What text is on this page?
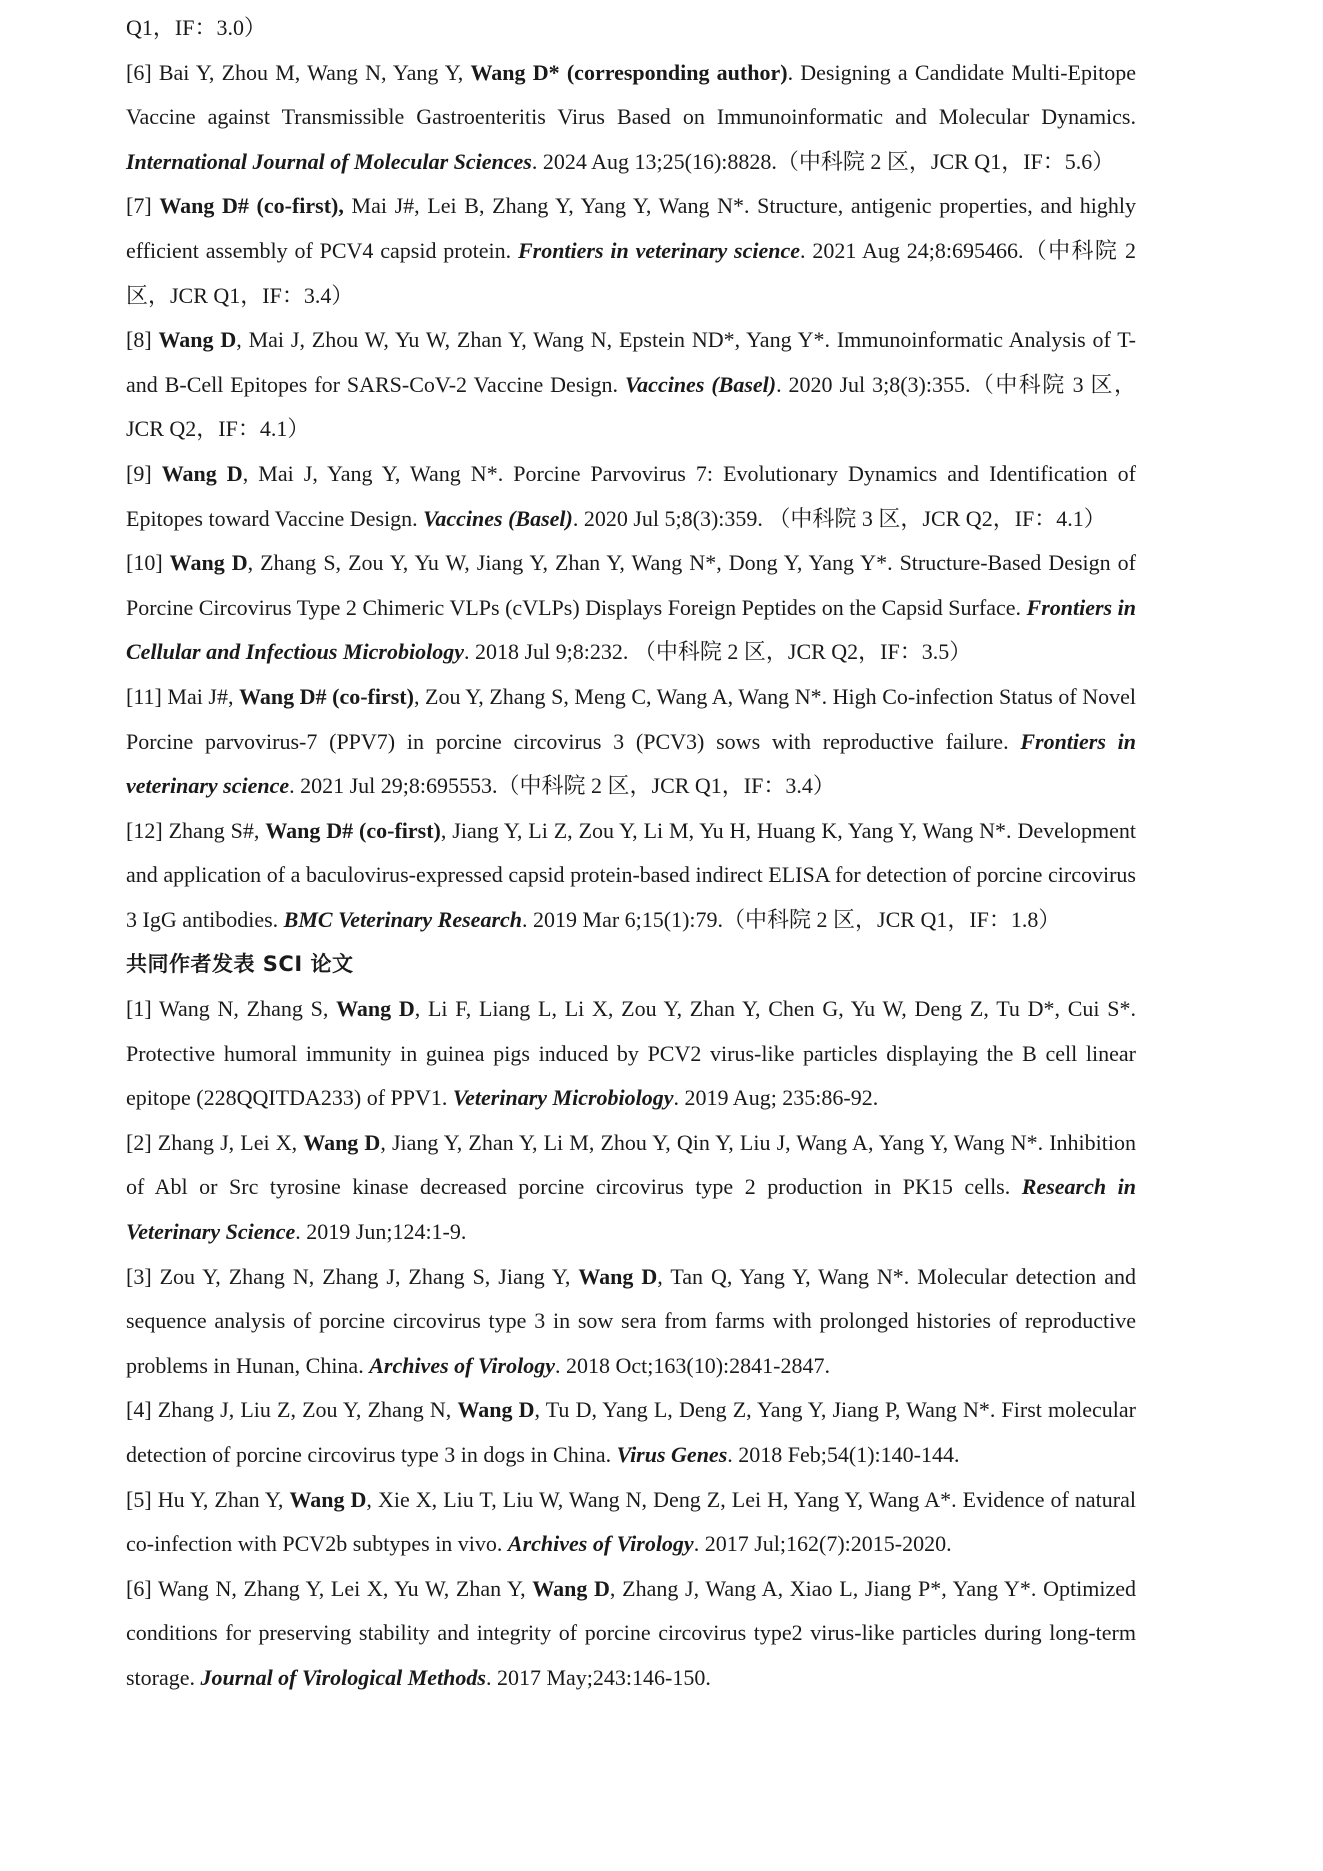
Q1，IF：3.0）

[6] Bai Y, Zhou M, Wang N, Yang Y, Wang D* (corresponding author). Designing a Candidate Multi-Epitope Vaccine against Transmissible Gastroenteritis Virus Based on Immunoinformatic and Molecular Dynamics. International Journal of Molecular Sciences. 2024 Aug 13;25(16):8828.（中科院 2 区，JCR Q1，IF：5.6）

[7] Wang D# (co-first), Mai J#, Lei B, Zhang Y, Yang Y, Wang N*. Structure, antigenic properties, and highly efficient assembly of PCV4 capsid protein. Frontiers in veterinary science. 2021 Aug 24;8:695466.（中科院 2 区，JCR Q1，IF：3.4）

[8] Wang D, Mai J, Zhou W, Yu W, Zhan Y, Wang N, Epstein ND*, Yang Y*. Immunoinformatic Analysis of T- and B-Cell Epitopes for SARS-CoV-2 Vaccine Design. Vaccines (Basel). 2020 Jul 3;8(3):355.（中科院 3 区，JCR Q2，IF：4.1）

[9] Wang D, Mai J, Yang Y, Wang N*. Porcine Parvovirus 7: Evolutionary Dynamics and Identification of Epitopes toward Vaccine Design. Vaccines (Basel). 2020 Jul 5;8(3):359. （中科院 3 区，JCR Q2，IF：4.1）

[10] Wang D, Zhang S, Zou Y, Yu W, Jiang Y, Zhan Y, Wang N*, Dong Y, Yang Y*. Structure-Based Design of Porcine Circovirus Type 2 Chimeric VLPs (cVLPs) Displays Foreign Peptides on the Capsid Surface. Frontiers in Cellular and Infectious Microbiology. 2018 Jul 9;8:232. （中科院 2 区，JCR Q2，IF：3.5）

[11] Mai J#, Wang D# (co-first), Zou Y, Zhang S, Meng C, Wang A, Wang N*. High Co-infection Status of Novel Porcine parvovirus-7 (PPV7) in porcine circovirus 3 (PCV3) sows with reproductive failure. Frontiers in veterinary science. 2021 Jul 29;8:695553.（中科院 2 区，JCR Q1，IF：3.4）

[12] Zhang S#, Wang D# (co-first), Jiang Y, Li Z, Zou Y, Li M, Yu H, Huang K, Yang Y, Wang N*. Development and application of a baculovirus-expressed capsid protein-based indirect ELISA for detection of porcine circovirus 3 IgG antibodies. BMC Veterinary Research. 2019 Mar 6;15(1):79.（中科院 2 区，JCR Q1，IF：1.8）

共同作者发表 SCI 论文

[1] Wang N, Zhang S, Wang D, Li F, Liang L, Li X, Zou Y, Zhan Y, Chen G, Yu W, Deng Z, Tu D*, Cui S*. Protective humoral immunity in guinea pigs induced by PCV2 virus-like particles displaying the B cell linear epitope (228QQITDA233) of PPV1. Veterinary Microbiology. 2019 Aug; 235:86-92.

[2] Zhang J, Lei X, Wang D, Jiang Y, Zhan Y, Li M, Zhou Y, Qin Y, Liu J, Wang A, Yang Y, Wang N*. Inhibition of Abl or Src tyrosine kinase decreased porcine circovirus type 2 production in PK15 cells. Research in Veterinary Science. 2019 Jun;124:1-9.

[3] Zou Y, Zhang N, Zhang J, Zhang S, Jiang Y, Wang D, Tan Q, Yang Y, Wang N*. Molecular detection and sequence analysis of porcine circovirus type 3 in sow sera from farms with prolonged histories of reproductive problems in Hunan, China. Archives of Virology. 2018 Oct;163(10):2841-2847.

[4] Zhang J, Liu Z, Zou Y, Zhang N, Wang D, Tu D, Yang L, Deng Z, Yang Y, Jiang P, Wang N*. First molecular detection of porcine circovirus type 3 in dogs in China. Virus Genes. 2018 Feb;54(1):140-144.

[5] Hu Y, Zhan Y, Wang D, Xie X, Liu T, Liu W, Wang N, Deng Z, Lei H, Yang Y, Wang A*. Evidence of natural co-infection with PCV2b subtypes in vivo. Archives of Virology. 2017 Jul;162(7):2015-2020.

[6] Wang N, Zhang Y, Lei X, Yu W, Zhan Y, Wang D, Zhang J, Wang A, Xiao L, Jiang P*, Yang Y*. Optimized conditions for preserving stability and integrity of porcine circovirus type2 virus-like particles during long-term storage. Journal of Virological Methods. 2017 May;243:146-150.
